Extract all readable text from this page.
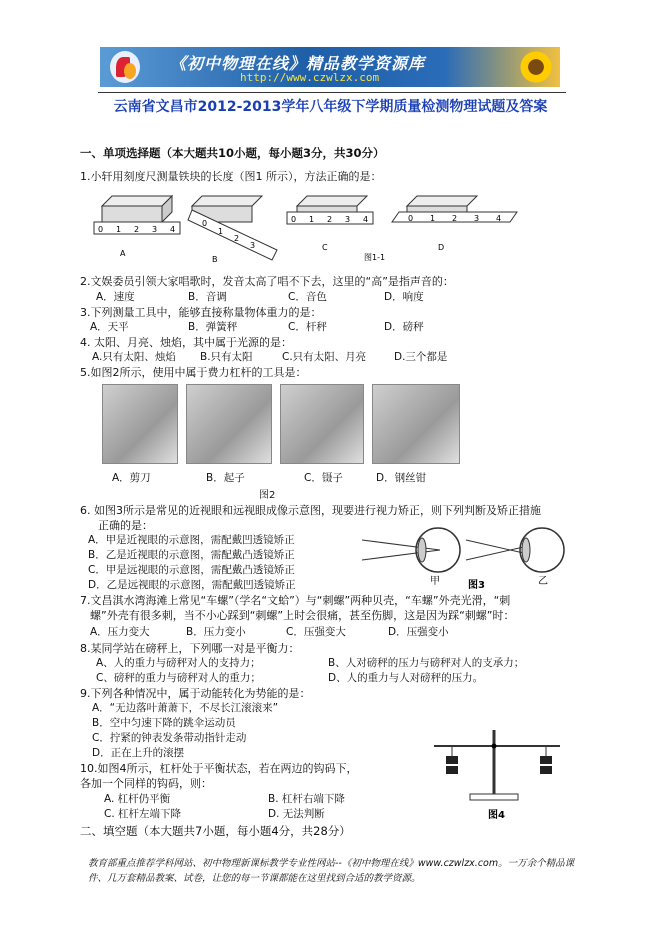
《初中物理在线》精品教学资源库
http://www.czwlzx.com
云南省文昌市2012-2013学年八年级下学期质量检测物理试题及答案
一、单项选择题（本大题共10小题，每小题3分，共30分）
1.小轩用刻度尺测量铁块的长度（图1 所示），方法正确的是：
0 1 2 3 4
A
0
1
2
3
B
0 1 2 3 4
C
图1-1
0 1 2 3 4
D
2.文娱委员引领大家唱歌时，发音太高了唱不下去，这里的“高”是指声音的：
A．速度	B．音调	C．音色	D．响度
3.下列测量工具中，能够直接称量物体重力的是：
A．天平	B．弹簧秤	C．杆秤	D．磅秤
4. 太阳、月亮、烛焰，其中属于光源的是：
A.只有太阳、烛焰 B.只有太阳	C.只有太阳、月亮	D.三个都是
5.如图2所示，使用中属于费力杠杆的工具是：
A．剪刀	B．起子	C．镊子	D．钢丝钳
图2
6. 如图3所示是常见的近视眼和远视眼成像示意图，现要进行视力矫正，则下列判断及矫正措施
正确的是：
A．甲是近视眼的示意图，需配戴凹透镜矫正
B．乙是近视眼的示意图，需配戴凸透镜矫正
C．甲是远视眼的示意图，需配戴凸透镜矫正
D．乙是远视眼的示意图，需配戴凹透镜矫正	甲	图3	乙
7.文昌淇水湾海滩上常见“车螺”（学名“文蛤”）与“刺螺”两种贝壳，“车螺”外壳光滑，“刺
螺”外壳有很多刺，当不小心踩到“刺螺”上时会很痛，甚至伤脚，这是因为踩“刺螺”时：
A．压力变大	B．压力变小	C．压强变大	D．压强变小
8.某同学站在磅秤上，下列哪一对是平衡力：
A、人的重力与磅秤对人的支持力；	B、人对磅秤的压力与磅秤对人的支承力；
C、磅秤的重力与磅秤对人的重力；	D、人的重力与人对磅秤的压力。
9.下列各种情况中，属于动能转化为势能的是：
A．“无边落叶萧萧下，不尽长江滚滚来”
B．空中匀速下降的跳伞运动员
C．拧紧的钟表发条带动指针走动
D．正在上升的滚摆
10.如图4所示，杠杆处于平衡状态，若在两边的钩码下，
各加一个同样的钩码，则：
A. 杠杆仍平衡	B. 杠杆右端下降
C. 杠杆左端下降	D. 无法判断	图4
二、填空题（本大题共7小题，每小题4分，共28分）
教育部重点推荐学科网站、初中物理新课标教学专业性网站--《初中物理在线》www.czwlzx.com。一万余个精品课
件、几万套精品教案、试卷，让您的每一节课都能在这里找到合适的教学资源。
